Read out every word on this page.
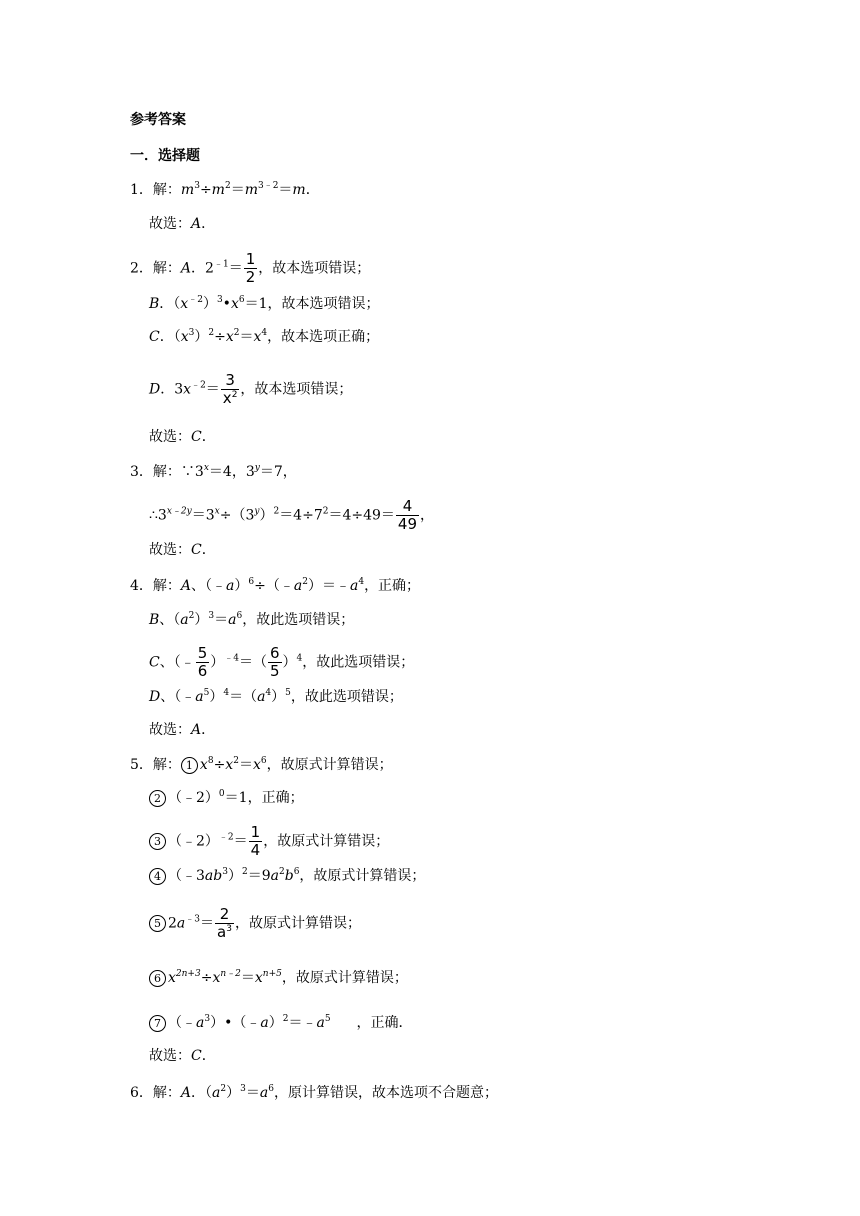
参考答案
一．选择题
1．解：$m^3\div m^2=m^{3﹣2}=m$．
故选：A．
2．解：A．$2^{﹣1}= \frac{1}{2}$ ，故本选项错误；
B．$(x^{﹣2})^3•x^6=1$，故本选项错误；
C．$(x^3)^2\div x^2=x^4$，故本选项正确；
D．$3x^{﹣2}= \frac{3}{x^2}$ ，故本选项错误；
故选：C．
3．解：$\because 3^x=4$，$3^y=7$，
$\therefore 3^{x﹣2y}=3^x\div(3^y)^2=4\div 7^2=4\div 49= \frac{4}{49}$ ，
故选：C．
4．解：A、$(﹣a)^6\div(﹣a^2)=﹣a^4$，正确；
B、$(a^2)^3=a^6$，故此选项错误；
C、（﹣ $\frac{5}{6} )^{﹣4}=( \frac{6}{5} )^4$，故此选项错误；
D、$(﹣a^5)^4=(a^4)^5$，故此选项错误；
故选：A．
5．解： 1 $x^8\div x^2=x^6$，故原式计算错误；
2 （﹣2）$^0$＝1，正确；
3 （﹣2）$^{﹣2}$＝ $\frac{1}{4}$ ，故原式计算错误；
4 $(﹣3ab^3)^2=9a^2b^6$，故原式计算错误；
5 $2a^{﹣3}= \frac{2}{a^3}$ ，故原式计算错误；
6 $x^{2n+3}\div x^{n﹣2}=x^{n+5}$，故原式计算错误；
7 $(﹣a^3)•(﹣a)^2=﹣a^5$ ，正确．
故选：C．
6．解：A．$(a^2)^3=a^6$，原计算错误，故本选项不合题意；
